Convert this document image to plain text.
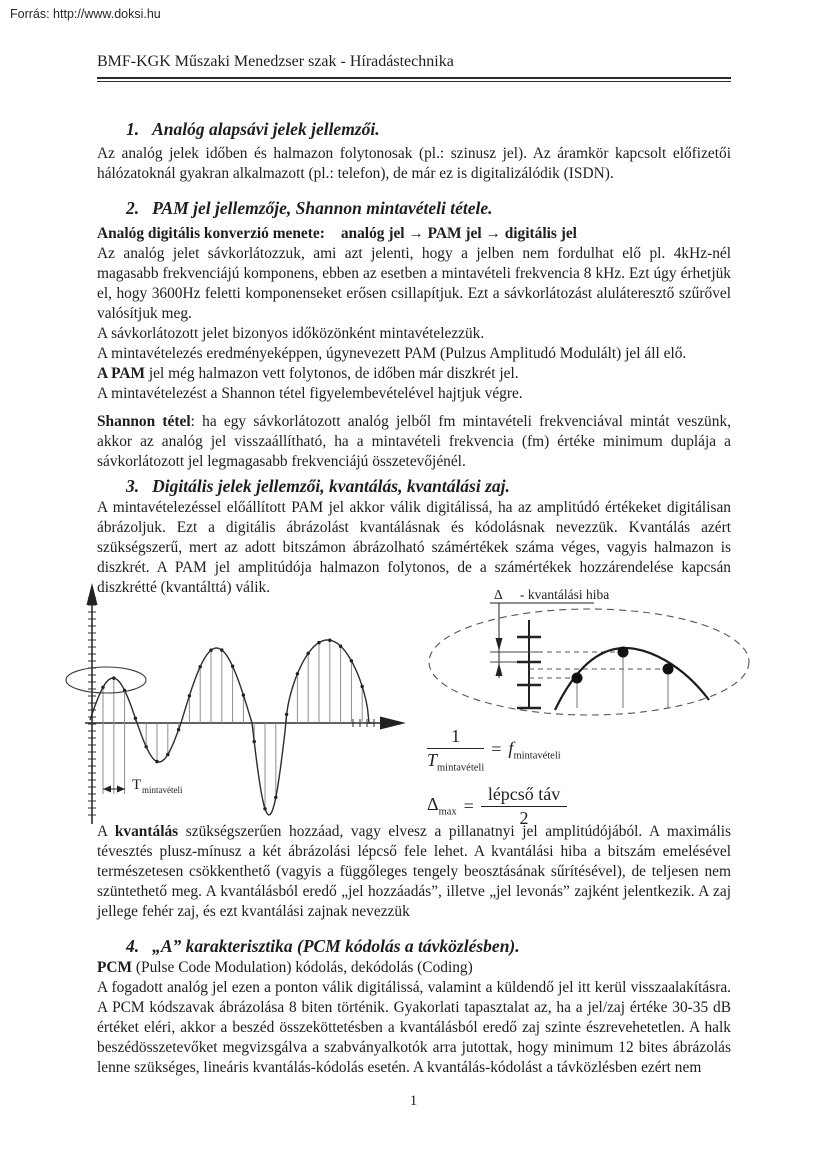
Forrás: http://www.doksi.hu
BMF-KGK Műszaki Menedzser szak - Híradástechnika
1. Analóg alapsávi jelek jellemzői.

Az analóg jelek időben és halmazon folytonosak (pl.: szinusz jel). Az áramkör kapcsolt előfizetői hálózatoknál gyakran alkalmazott (pl.: telefon), de már ez is digitalizálódik (ISDN).

2. PAM jel jellemzője, Shannon mintavételi tétele.

Analóg digitális konverzió menete: analóg jel → PAM jel → digitális jel

Az analóg jelet sávkorlátozzuk, ami azt jelenti, hogy a jelben nem fordulhat elő pl. 4kHz-nél magasabb frekvenciájú komponens, ebben az esetben a mintavételi frekvencia 8 kHz. Ezt úgy érhetjük el, hogy 3600Hz feletti komponenseket erősen csillapítjuk. Ezt a sávkorlátozást aluláteresztő szűrővel valósítjuk meg.

A sávkorlátozott jelet bizonyos időközönként mintavételezzük.

A mintavételezés eredményeképpen, úgynevezett PAM (Pulzus Amplitudó Modulált) jel áll elő.

A PAM jel még halmazon vett folytonos, de időben már diszkrét jel.

A mintavételezést a Shannon tétel figyelembevételével hajtjuk végre.

Shannon tétel: ha egy sávkorlátozott analóg jelből fm mintavételi frekvenciával mintát veszünk, akkor az analóg jel visszaállítható, ha a mintavételi frekvencia (fm) értéke minimum duplája a sávkorlátozott jel legmagasabb frekvenciájú összetevőjénél.

3. Digitális jelek jellemzői, kvantálás, kvantálási zaj.

A mintavételezéssel előállított PAM jel akkor válik digitálissá, ha az amplitúdó értékeket digitálisan ábrázoljuk. Ezt a digitális ábrázolást kvantálásnak és kódolásnak nevezzük. Kvantálás azért szükségszerű, mert az adott bitszámon ábrázolható számértékek száma véges, vagyis halmazon is diszkrét. A PAM jel amplitúdója halmazon folytonos, de a számértékek hozzárendelése kapcsán diszkrétté (kvantálttá) válik.

T mintavételi
Δ - kvantálási hiba
$\frac{1}{T_{mintavételi}} = f_{mintavételi}$
$\Delta_{max} = \frac{\text{lépcső táv}}{2}$

A kvantálás szükségszerűen hozzáad, vagy elvesz a pillanatnyi jel amplitúdójából. A maximális tévesztés plusz-mínusz a két ábrázolási lépcső fele lehet. A kvantálási hiba a bitszám emelésével természetesen csökkenthető (vagyis a függőleges tengely beosztásának sűrítésével), de teljesen nem szüntethető meg. A kvantálásból eredő „jel hozzáadás”, illetve „jel levonás” zajként jelentkezik. A zaj jellege fehér zaj, és ezt kvantálási zajnak nevezzük

4. „A” karakterisztika (PCM kódolás a távközlésben).

PCM (Pulse Code Modulation) kódolás, dekódolás (Coding)

A fogadott analóg jel ezen a ponton válik digitálissá, valamint a küldendő jel itt kerül visszaalakításra. A PCM kódszavak ábrázolása 8 biten történik. Gyakorlati tapasztalat az, ha a jel/zaj értéke 30-35 dB értéket eléri, akkor a beszéd összeköttetésben a kvantálásból eredő zaj szinte észrevehetetlen. A halk beszédösszetevőket megvizsgálva a szabványalkotók arra jutottak, hogy minimum 12 bites ábrázolás lenne szükséges, lineáris kvantálás-kódolás esetén. A kvantálás-kódolást a távközlésben ezért nem

1
